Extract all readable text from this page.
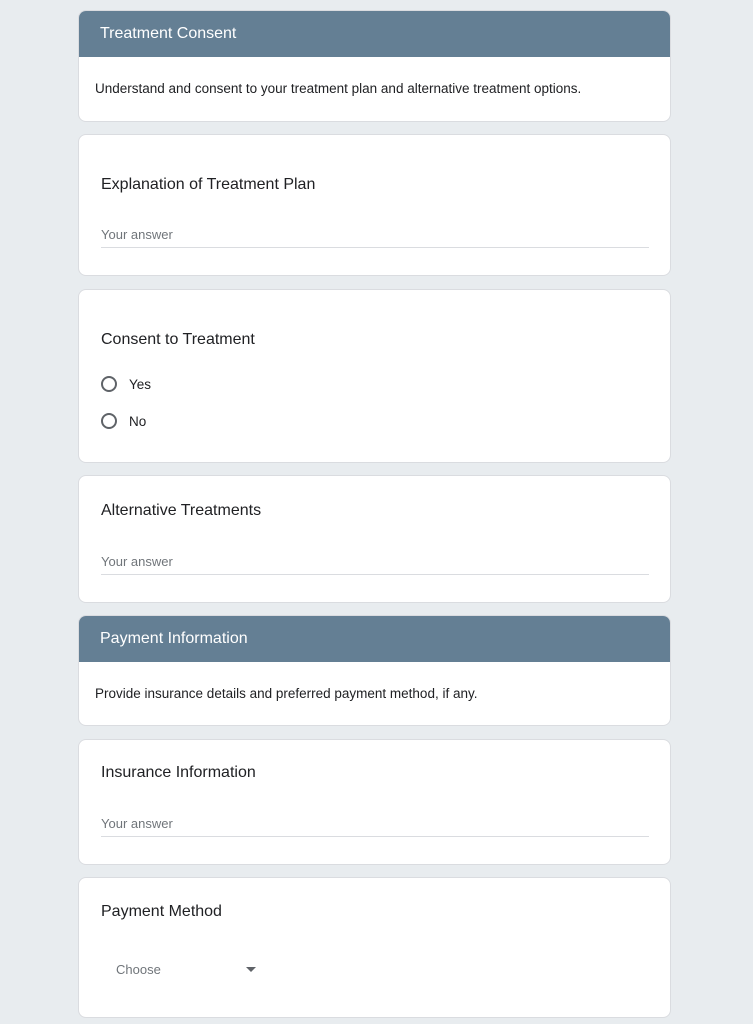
Treatment Consent
Understand and consent to your treatment plan and alternative treatment options.
Explanation of Treatment Plan
Your answer
Consent to Treatment
Yes
No
Alternative Treatments
Your answer
Payment Information
Provide insurance details and preferred payment method, if any.
Insurance Information
Your answer
Payment Method
Choose
